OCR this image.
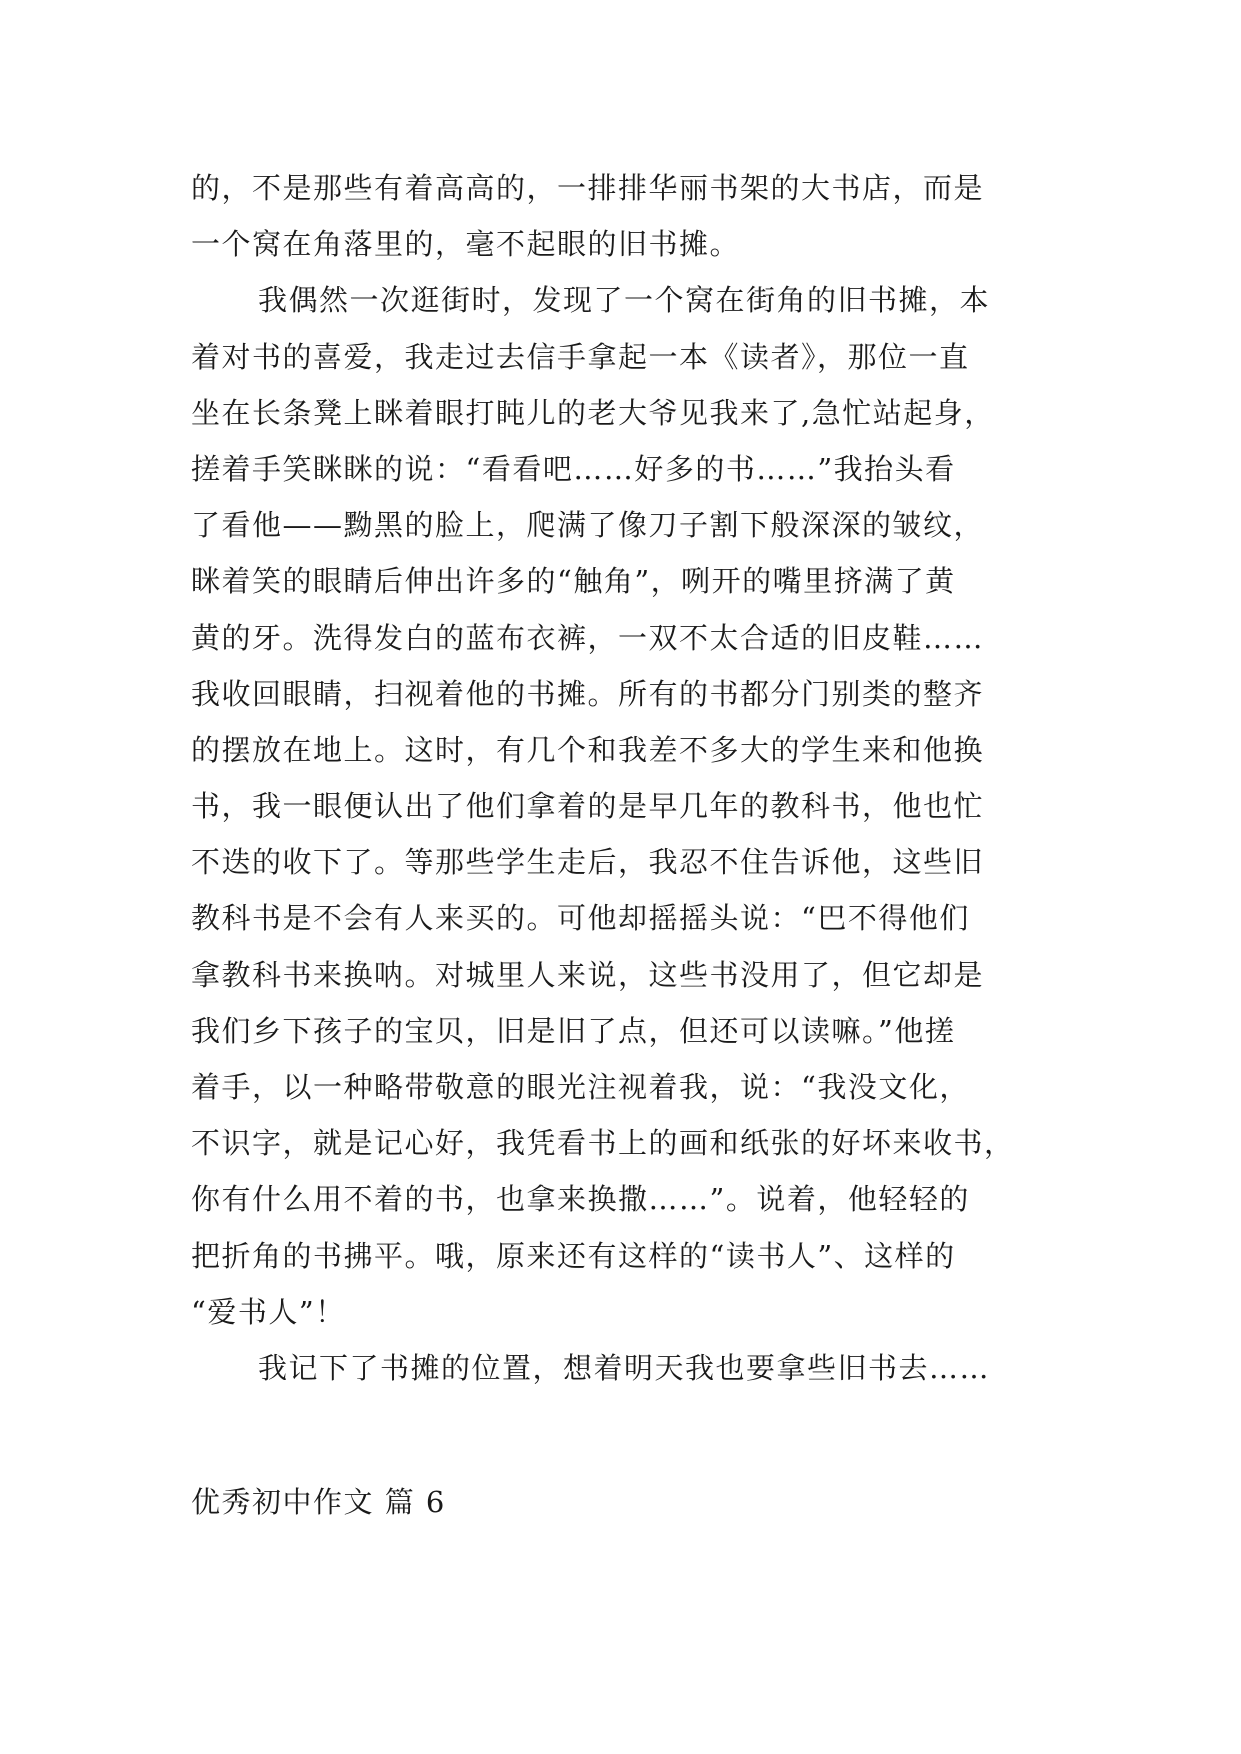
的，不是那些有着高高的，一排排华丽书架的大书店，而是
一个窝在角落里的，毫不起眼的旧书摊。
我偶然一次逛街时，发现了一个窝在街角的旧书摊，本
着对书的喜爱，我走过去信手拿起一本《读者》，那位一直
坐在长条凳上眯着眼打盹儿的老大爷见我来了,急忙站起身，
搓着手笑眯眯的说：“看看吧……好多的书……”我抬头看
了看他——黝黑的脸上，爬满了像刀子割下般深深的皱纹，
眯着笑的眼睛后伸出许多的“触角”，咧开的嘴里挤满了黄
黄的牙。洗得发白的蓝布衣裤，一双不太合适的旧皮鞋……
我收回眼睛，扫视着他的书摊。所有的书都分门别类的整齐
的摆放在地上。这时，有几个和我差不多大的学生来和他换
书，我一眼便认出了他们拿着的是早几年的教科书，他也忙
不迭的收下了。等那些学生走后，我忍不住告诉他，这些旧
教科书是不会有人来买的。可他却摇摇头说：“巴不得他们
拿教科书来换呐。对城里人来说，这些书没用了，但它却是
我们乡下孩子的宝贝，旧是旧了点，但还可以读嘛。”他搓
着手，以一种略带敬意的眼光注视着我，说：“我没文化，
不识字，就是记心好，我凭看书上的画和纸张的好坏来收书，
你有什么用不着的书，也拿来换撒……”。说着，他轻轻的
把折角的书拂平。哦，原来还有这样的“读书人”、这样的
“爱书人”！
我记下了书摊的位置，想着明天我也要拿些旧书去……
优秀初中作文 篇 6
